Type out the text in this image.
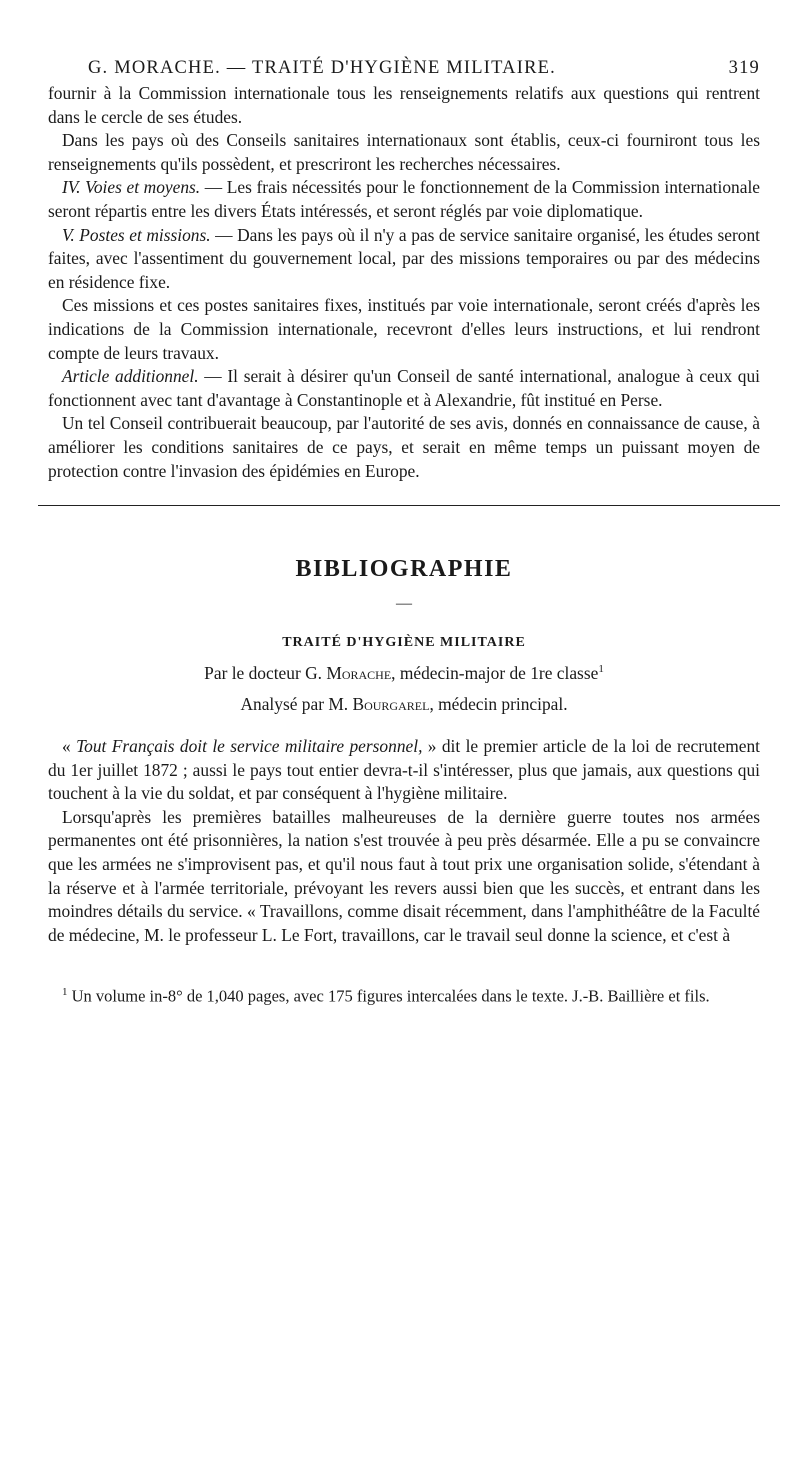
G. MORACHE. — TRAITÉ D'HYGIÈNE MILITAIRE.	319

fournir à la Commission internationale tous les renseignements relatifs aux questions qui rentrent dans le cercle de ses études.

Dans les pays où des Conseils sanitaires internationaux sont établis, ceux-ci fourniront tous les renseignements qu'ils possèdent, et prescriront les recherches nécessaires.

IV. Voies et moyens. — Les frais nécessités pour le fonctionnement de la Commission internationale seront répartis entre les divers États intéressés, et seront réglés par voie diplomatique.

V. Postes et missions. — Dans les pays où il n'y a pas de service sanitaire organisé, les études seront faites, avec l'assentiment du gouvernement local, par des missions temporaires ou par des médecins en résidence fixe.

Ces missions et ces postes sanitaires fixes, institués par voie internationale, seront créés d'après les indications de la Commission internationale, recevront d'elles leurs instructions, et lui rendront compte de leurs travaux.

Article additionnel. — Il serait à désirer qu'un Conseil de santé international, analogue à ceux qui fonctionnent avec tant d'avantage à Constantinople et à Alexandrie, fût institué en Perse.

Un tel Conseil contribuerait beaucoup, par l'autorité de ses avis, donnés en connaissance de cause, à améliorer les conditions sanitaires de ce pays, et serait en même temps un puissant moyen de protection contre l'invasion des épidémies en Europe.

BIBLIOGRAPHIE
—
TRAITÉ D'HYGIÈNE MILITAIRE
Par le docteur G. Morache, médecin-major de 1re classe$^1$
Analysé par M. Bourgarel, médecin principal.

« Tout Français doit le service militaire personnel, » dit le premier article de la loi de recrutement du 1er juillet 1872 ; aussi le pays tout entier devra-t-il s'intéresser, plus que jamais, aux questions qui touchent à la vie du soldat, et par conséquent à l'hygiène militaire.

Lorsqu'après les premières batailles malheureuses de la dernière guerre toutes nos armées permanentes ont été prisonnières, la nation s'est trouvée à peu près désarmée. Elle a pu se convaincre que les armées ne s'improvisent pas, et qu'il nous faut à tout prix une organisation solide, s'étendant à la réserve et à l'armée territoriale, prévoyant les revers aussi bien que les succès, et entrant dans les moindres détails du service. « Travaillons, comme disait récemment, dans l'amphithéâtre de la Faculté de médecine, M. le professeur L. Le Fort, travaillons, car le travail seul donne la science, et c'est à

$^1$ Un volume in-8° de 1,040 pages, avec 175 figures intercalées dans le texte. J.-B. Baillière et fils.
